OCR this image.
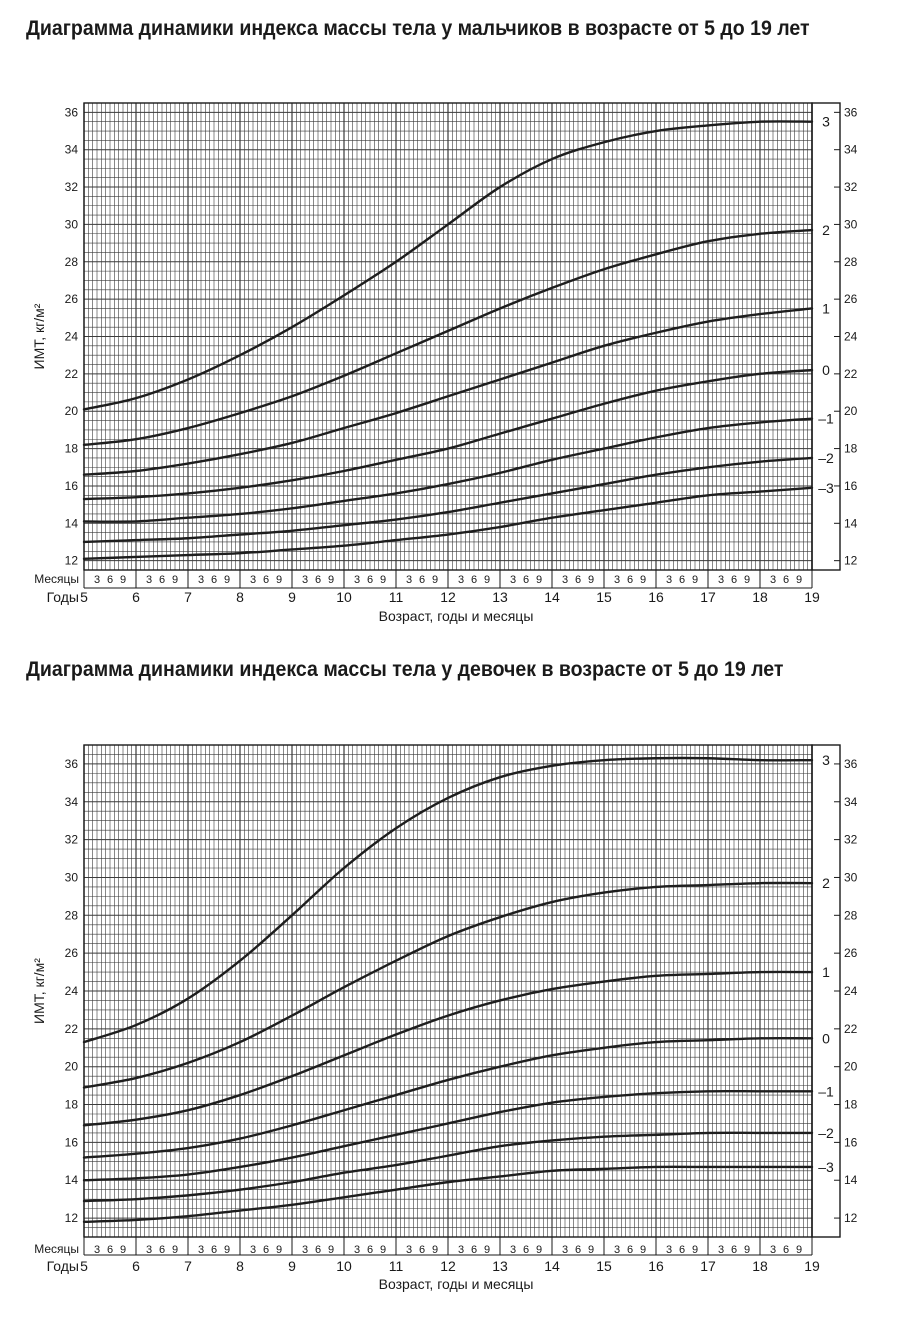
Диаграмма динамики индекса массы тела у мальчиков в возрасте от 5 до 19 лет
12	12
14	14
16	16
18	18
20	20
22	22
24	24
26	26
28	28
30	30
32	32
34	34
36	36
ИМТ, кг/м²
3
2
1
0
–1
–2
–3
Месяцы
Годы 5
3 6 9
6
3 6 9
7
3 6 9
8
3 6 9
9
3 6 9
10
3 6 9
11
3 6 9
12
3 6 9
13
3 6 9
14
3 6 9
15
3 6 9
16
3 6 9
17
3 6 9
18
3 6 9
19
Возраст, годы и месяцы
Диаграмма динамики индекса массы тела у девочек в возрасте от 5 до 19 лет
12	12
14	14
16	16
18	18
20	20
22	22
24	24
26	26
28	28
30	30
32	32
34	34
36	36
ИМТ, кг/м²
3
2
1
0
–1
–2
–3
Месяцы
Годы 5
3 6 9
6
3 6 9
7
3 6 9
8
3 6 9
9
3 6 9
10
3 6 9
11
3 6 9
12
3 6 9
13
3 6 9
14
3 6 9
15
3 6 9
16
3 6 9
17
3 6 9
18
3 6 9
19
Возраст, годы и месяцы
